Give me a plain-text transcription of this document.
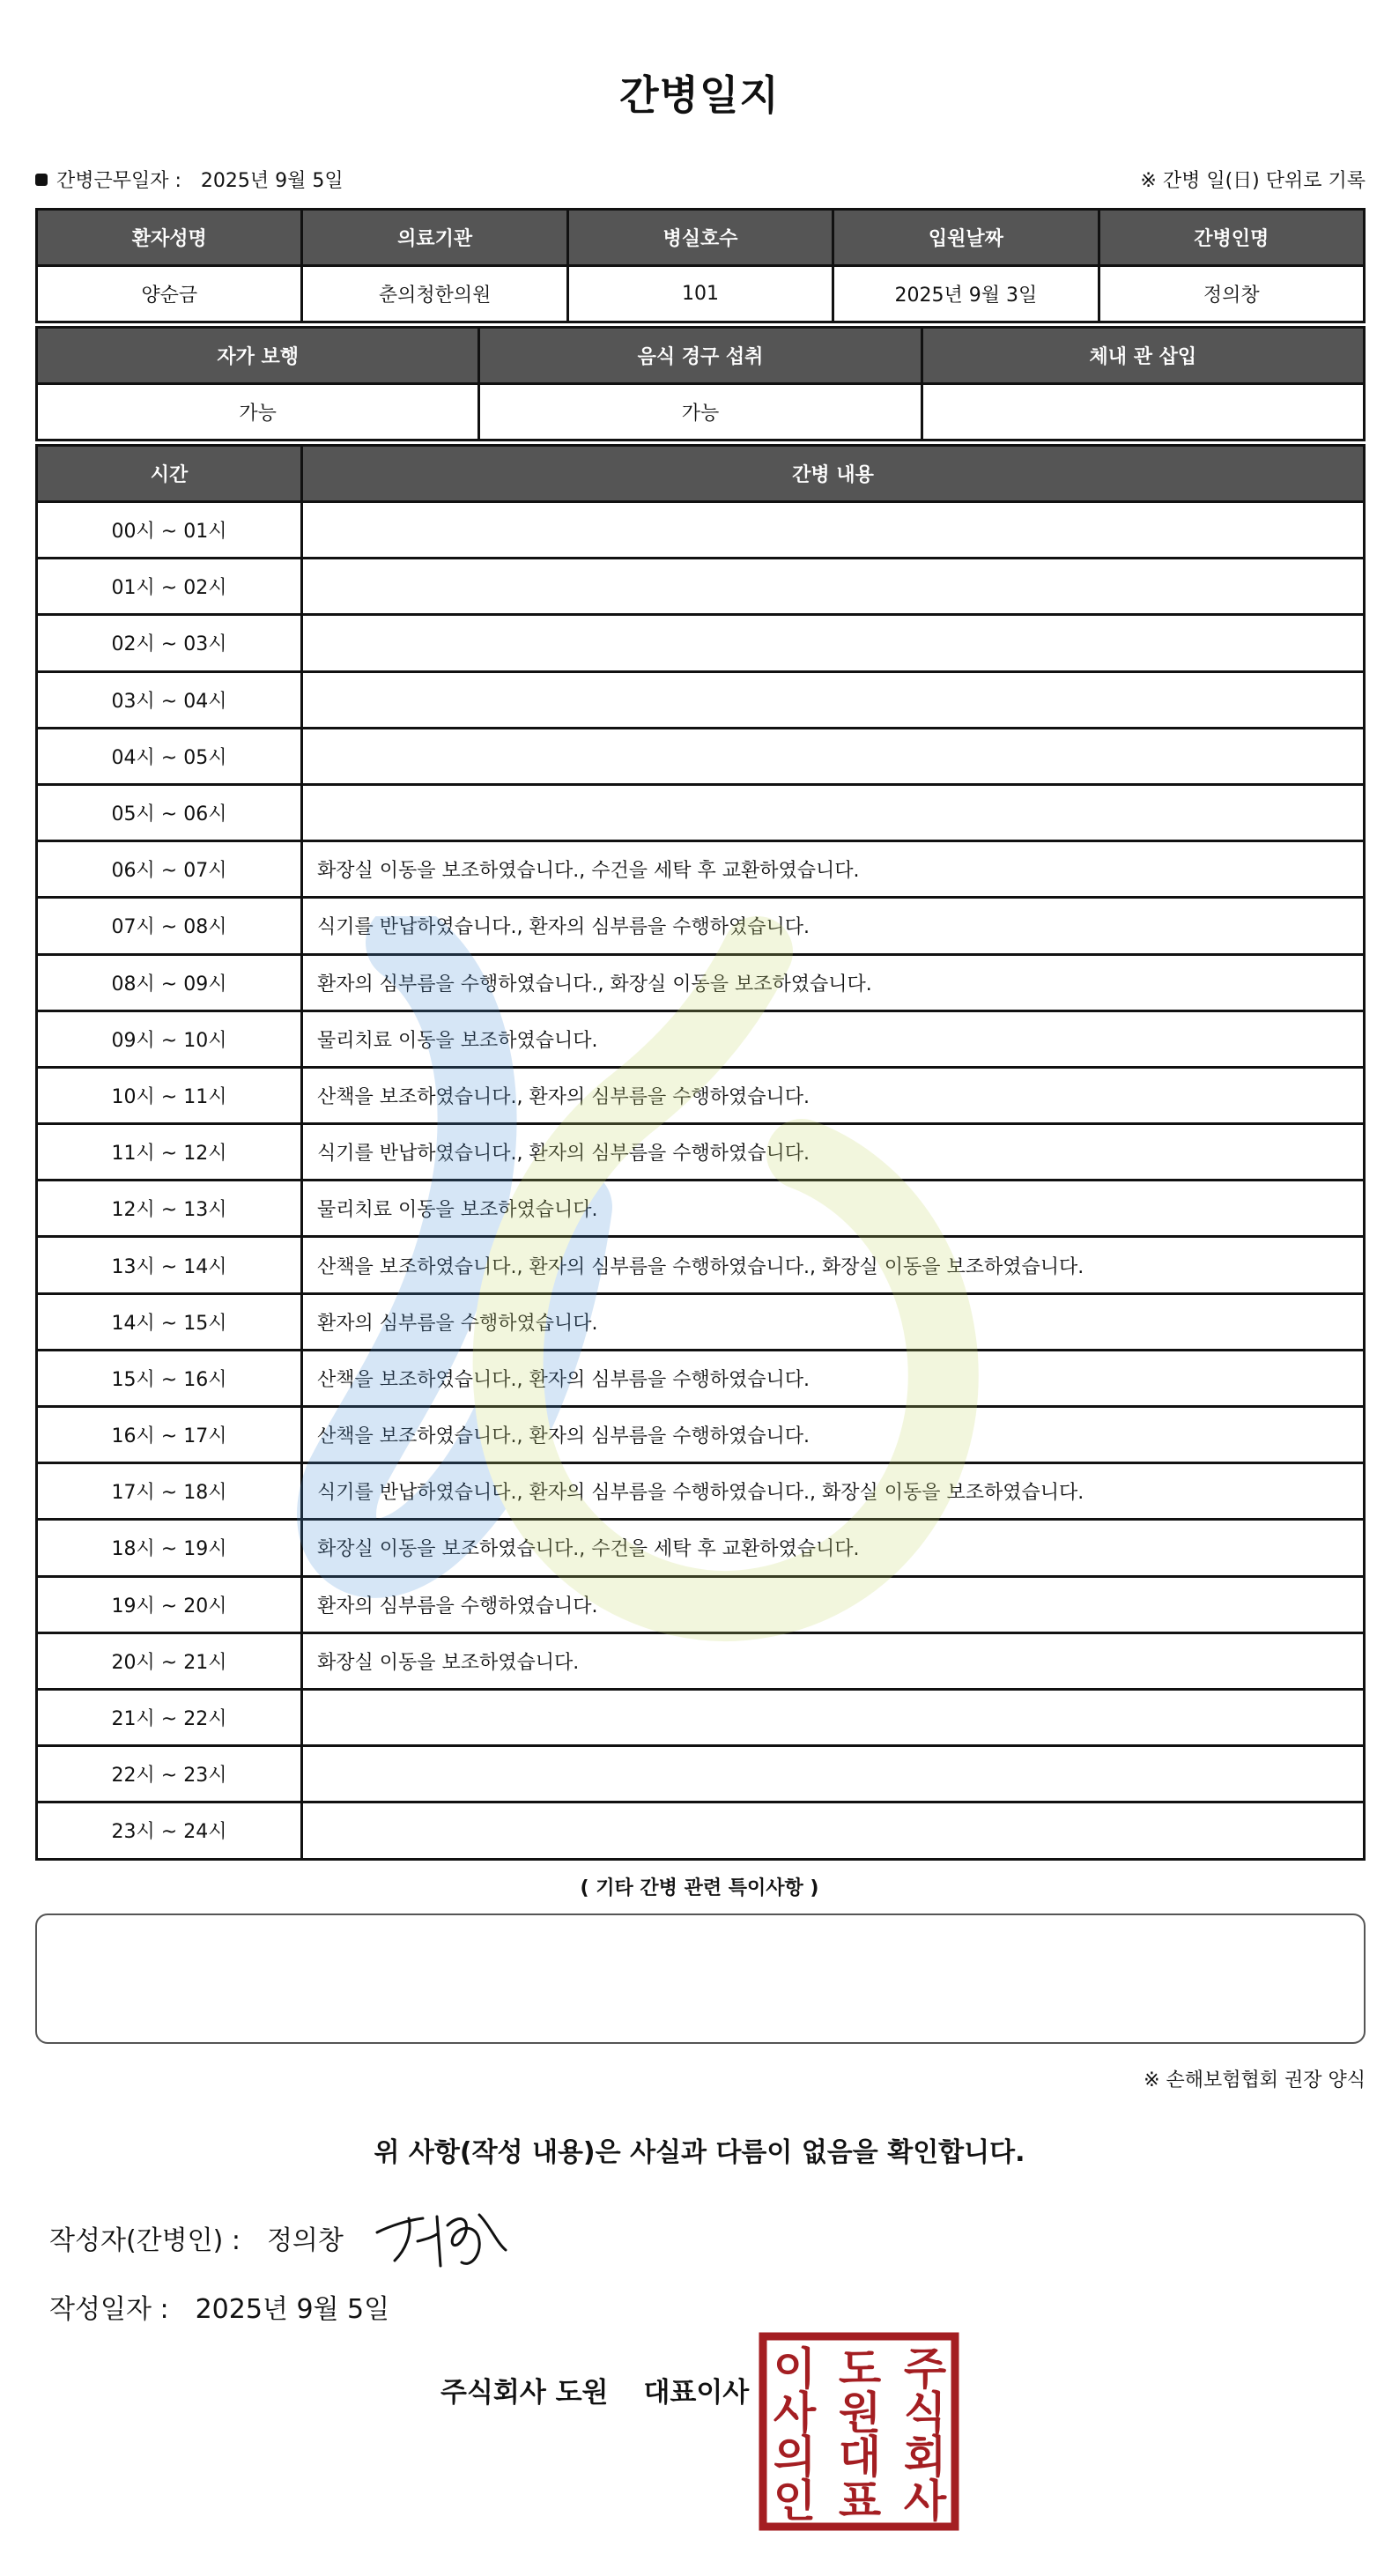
간병일지
간병근무일자 : 2025년 9월 5일	※ 간병 일(日) 단위로 기록
환자성명	의료기관	병실호수	입원날짜	간병인명
양순금	춘의청한의원	101	2025년 9월 3일	정의창
자가 보행	음식 경구 섭취	체내 관 삽입
가능	가능	
시간	간병 내용
00시 ~ 01시	
01시 ~ 02시	
02시 ~ 03시	
03시 ~ 04시	
04시 ~ 05시	
05시 ~ 06시	
06시 ~ 07시	화장실 이동을 보조하였습니다., 수건을 세탁 후 교환하였습니다.
07시 ~ 08시	식기를 반납하였습니다., 환자의 심부름을 수행하였습니다.
08시 ~ 09시	환자의 심부름을 수행하였습니다., 화장실 이동을 보조하였습니다.
09시 ~ 10시	물리치료 이동을 보조하였습니다.
10시 ~ 11시	산책을 보조하였습니다., 환자의 심부름을 수행하였습니다.
11시 ~ 12시	식기를 반납하였습니다., 환자의 심부름을 수행하였습니다.
12시 ~ 13시	물리치료 이동을 보조하였습니다.
13시 ~ 14시	산책을 보조하였습니다., 환자의 심부름을 수행하였습니다., 화장실 이동을 보조하였습니다.
14시 ~ 15시	환자의 심부름을 수행하였습니다.
15시 ~ 16시	산책을 보조하였습니다., 환자의 심부름을 수행하였습니다.
16시 ~ 17시	산책을 보조하였습니다., 환자의 심부름을 수행하였습니다.
17시 ~ 18시	식기를 반납하였습니다., 환자의 심부름을 수행하였습니다., 화장실 이동을 보조하였습니다.
18시 ~ 19시	화장실 이동을 보조하였습니다., 수건을 세탁 후 교환하였습니다.
19시 ~ 20시	환자의 심부름을 수행하였습니다.
20시 ~ 21시	화장실 이동을 보조하였습니다.
21시 ~ 22시	
22시 ~ 23시	
23시 ~ 24시	
( 기타 간병 관련 특이사항 )
※ 손해보험협회 권장 양식
위 사항(작성 내용)은 사실과 다름이 없음을 확인합니다.
작성자(간병인) : 정의창
작성일자 : 2025년 9월 5일
주식회사 도원 대표이사	주
식
회
사
도
원
대
표
이
사
의
인
